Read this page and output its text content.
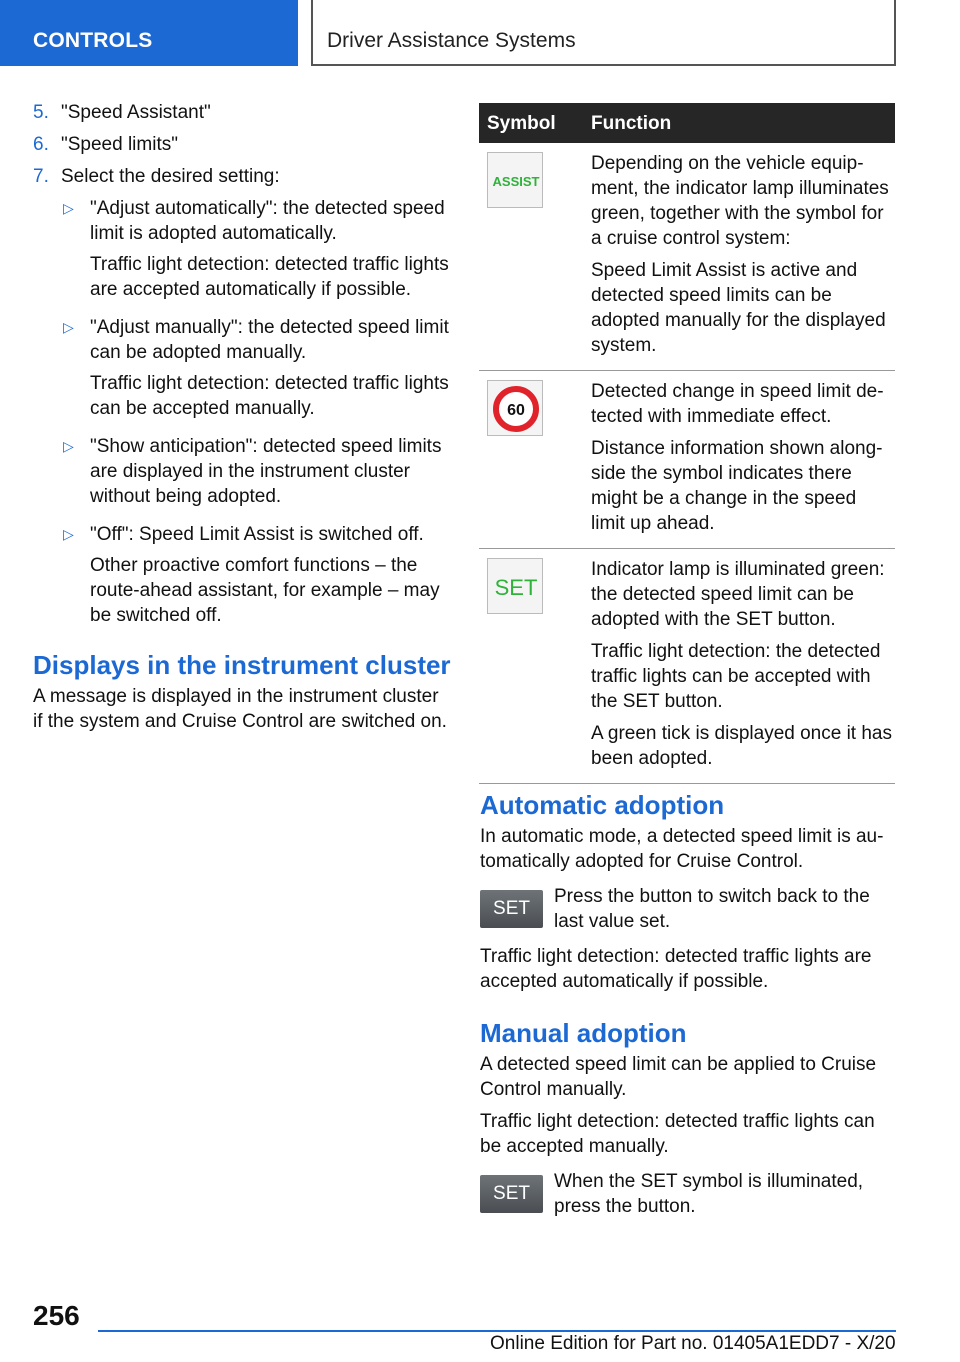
CONTROLS	Driver Assistance Systems
5. "Speed Assistant"
6. "Speed limits"
7. Select the desired setting:
▷ "Adjust automatically": the detected speed limit is adopted automatically.
Traffic light detection: detected traffic lights are accepted automatically if possible.
▷ "Adjust manually": the detected speed limit can be adopted manually.
Traffic light detection: detected traffic lights can be accepted manually.
▷ "Show anticipation": detected speed limits are displayed in the instrument cluster without being adopted.
▷ "Off": Speed Limit Assist is switched off.
Other proactive comfort functions – the route-ahead assistant, for example – may be switched off.
Displays in the instrument cluster
A message is displayed in the instrument cluster if the system and Cruise Control are switched on.
Symbol Function
ASSIST

Depending on the vehicle equipment, the indicator lamp illuminates green, together with the symbol for a cruise control system:

Speed Limit Assist is active and detected speed limits can be adopted manually for the displayed system.

60

Detected change in speed limit detected with immediate effect.

Distance information shown alongside the symbol indicates there might be a change in the speed limit up ahead.

SET

Indicator lamp is illuminated green: the detected speed limit can be adopted with the SET button.

Traffic light detection: the detected traffic lights can be accepted with the SET button.

A green tick is displayed once it has been adopted.

Automatic adoption
In automatic mode, a detected speed limit is automatically adopted for Cruise Control.
SET
Press the button to switch back to the last value set.
Traffic light detection: detected traffic lights are accepted automatically if possible.
Manual adoption
A detected speed limit can be applied to Cruise Control manually.
Traffic light detection: detected traffic lights can be accepted manually.
SET
When the SET symbol is illuminated, press the button.
256
Online Edition for Part no. 01405A1EDD7 - X/20
